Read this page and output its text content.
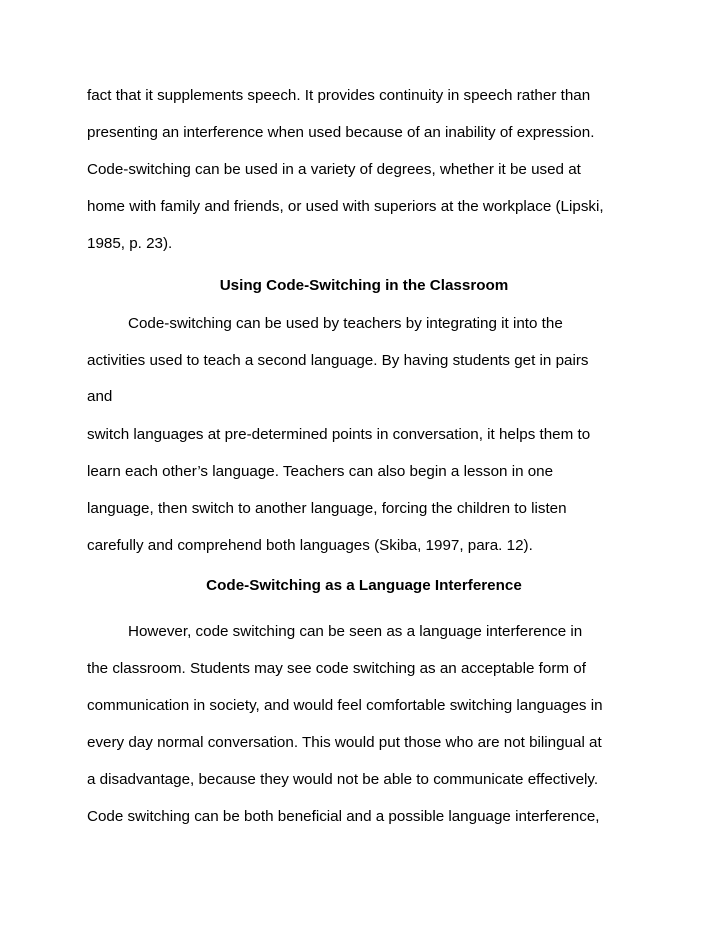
fact that it supplements speech. It provides continuity in speech rather than
presenting an interference when used because of an inability of expression.
Code-switching can be used in a variety of degrees, whether it be used at
home with family and friends, or used with superiors at the workplace (Lipski,
1985, p. 23).
Using Code-Switching in the Classroom
Code-switching can be used by teachers by integrating it into the
activities used to teach a second language. By having students get in pairs
and
switch languages at pre-determined points in conversation, it helps them to
learn each other’s language. Teachers can also begin a lesson in one
language, then switch to another language, forcing the children to listen
carefully and comprehend both languages (Skiba, 1997, para. 12).
Code-Switching as a Language Interference
However, code switching can be seen as a language interference in
the classroom. Students may see code switching as an acceptable form of
communication in society, and would feel comfortable switching languages in
every day normal conversation. This would put those who are not bilingual at
a disadvantage, because they would not be able to communicate effectively.
Code switching can be both beneficial and a possible language interference,
